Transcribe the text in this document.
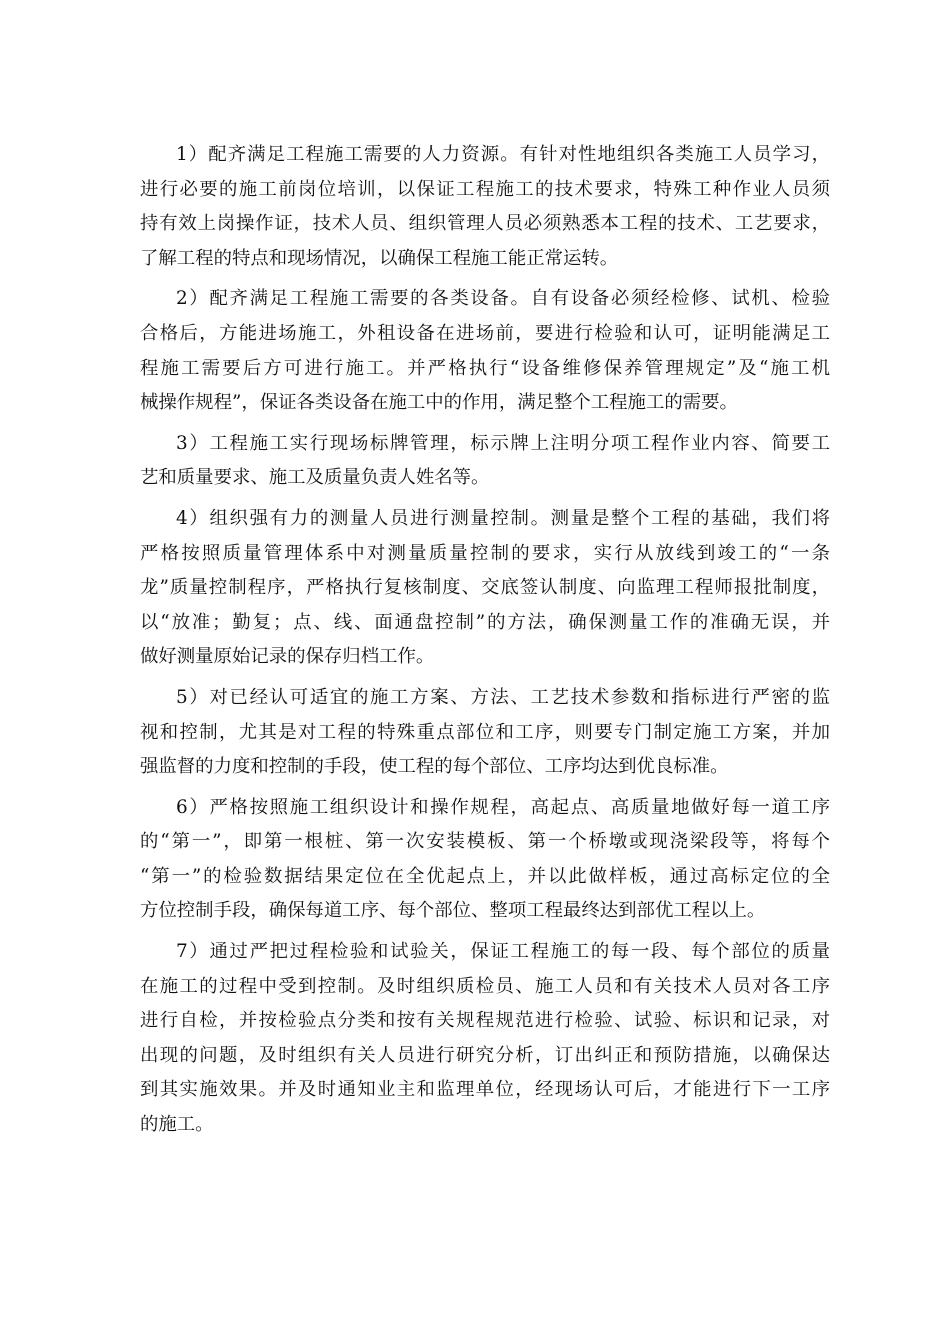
1）配齐满足工程施工需要的人力资源。有针对性地组织各类施工人员学习，
进行必要的施工前岗位培训，以保证工程施工的技术要求，特殊工种作业人员须
持有效上岗操作证，技术人员、组织管理人员必须熟悉本工程的技术、工艺要求，
了解工程的特点和现场情况，以确保工程施工能正常运转。

2）配齐满足工程施工需要的各类设备。自有设备必须经检修、试机、检验
合格后，方能进场施工，外租设备在进场前，要进行检验和认可，证明能满足工
程施工需要后方可进行施工。并严格执行“设备维修保养管理规定”及“施工机
械操作规程”，保证各类设备在施工中的作用，满足整个工程施工的需要。

3）工程施工实行现场标牌管理，标示牌上注明分项工程作业内容、简要工
艺和质量要求、施工及质量负责人姓名等。

4）组织强有力的测量人员进行测量控制。测量是整个工程的基础，我们将
严格按照质量管理体系中对测量质量控制的要求，实行从放线到竣工的“一条
龙”质量控制程序，严格执行复核制度、交底签认制度、向监理工程师报批制度，
以“放准；勤复；点、线、面通盘控制”的方法，确保测量工作的准确无误，并
做好测量原始记录的保存归档工作。

5）对已经认可适宜的施工方案、方法、工艺技术参数和指标进行严密的监
视和控制，尤其是对工程的特殊重点部位和工序，则要专门制定施工方案，并加
强监督的力度和控制的手段，使工程的每个部位、工序均达到优良标准。

6）严格按照施工组织设计和操作规程，高起点、高质量地做好每一道工序
的“第一”，即第一根桩、第一次安装模板、第一个桥墩或现浇梁段等，将每个
“第一”的检验数据结果定位在全优起点上，并以此做样板，通过高标定位的全
方位控制手段，确保每道工序、每个部位、整项工程最终达到部优工程以上。

7）通过严把过程检验和试验关，保证工程施工的每一段、每个部位的质量
在施工的过程中受到控制。及时组织质检员、施工人员和有关技术人员对各工序
进行自检，并按检验点分类和按有关规程规范进行检验、试验、标识和记录，对
出现的问题，及时组织有关人员进行研究分析，订出纠正和预防措施，以确保达
到其实施效果。并及时通知业主和监理单位，经现场认可后，才能进行下一工序
的施工。
